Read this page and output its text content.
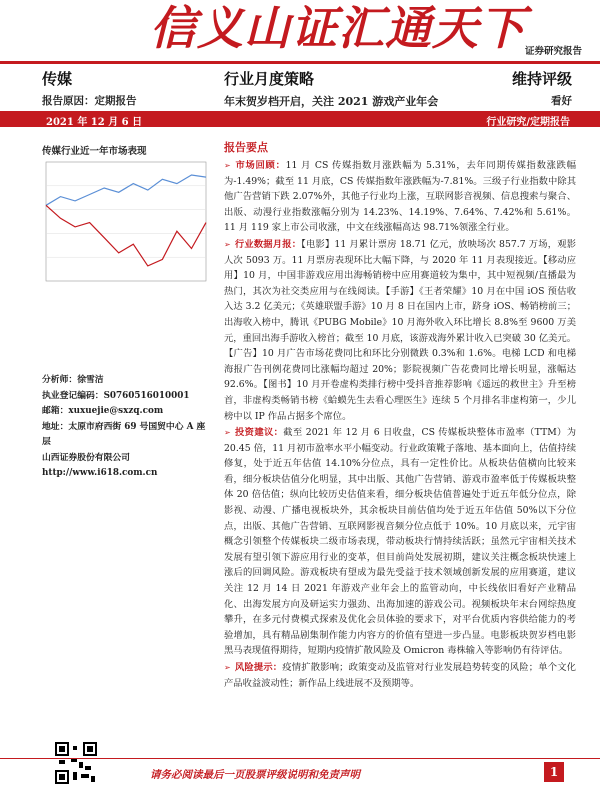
信义山证汇通天下
证券研究报告
传媒	行业月度策略	维持评级
报告原因：定期报告	年末贺岁档开启，关注 2021 游戏产业年会	看好
2021 年 12 月 6 日	行业研究/定期报告
传媒行业近一年市场表现
分析师：徐雪洁
执业登记编码：S0760516010001
邮箱：xuxuejie@sxzq.com
地址：太原市府西街 69 号国贸中心 A 座层
山西证券股份有限公司
http://www.i618.com.cn
报告要点

➢ 市场回顾：11 月 CS 传媒指数月涨跌幅为 5.31%，去年同期传媒指数涨跌幅为-1.49%；截至 11 月底，CS 传媒指数年涨跌幅为-7.81%。三级子行业指数中除其他广告营销下跌 2.07%外，其他子行业均上涨，互联网影音视频、信息搜索与聚合、出版、动漫行业指数涨幅分别为 14.23%、14.19%、7.64%、7.42%和 5.61%。11 月 119 家上市公司收涨，中文在线涨幅高达 98.71%领涨全行业。

➢ 行业数据月报：【电影】11 月累计票房 18.71 亿元，放映场次 857.7 万场，观影人次 5093 万。11 月票房表现环比大幅下降，与 2020 年 11 月表现接近。【移动应用】10 月，中国非游戏应用出海畅销榜中应用赛道较为集中，其中短视频/直播最为热门，其次为社交类应用与在线阅读。【手游】《王者荣耀》10 月在中国 iOS 预估收入达 3.2 亿美元；《英雄联盟手游》10 月 8 日在国内上市，跻身 iOS、畅销榜前三；出海收入榜中，腾讯《PUBG Mobile》10 月海外收入环比增长 8.8%至 9600 万美元，重回出海手游收入榜首；截至 10 月底，该游戏海外累计收入已突破 30 亿美元。【广告】10 月广告市场花费同比和环比分别微跌 0.3%和 1.6%。电梯 LCD 和电梯海报广告刊例花费同比涨幅均超过 20%；影院视频广告花费同比增长明显，涨幅达 92.6%。【图书】10 月开卷虚构类排行榜中受抖音推荐影响《遥远的救世主》升至榜首，非虚构类畅销书榜《蛤蟆先生去看心理医生》连续 5 个月排名非虚构第一，少儿榜中以 IP 作品占据多个席位。

➢ 投资建议：截至 2021 年 12 月 6 日收盘，CS 传媒板块整体市盈率（TTM）为 20.45 倍，11 月初市盈率水平小幅变动。行业政策靴子落地、基本面向上，估值持续修复，处于近五年估值 14.10%分位点，具有一定性价比。从板块估值横向比较来看，细分板块估值分化明显，其中出版、其他广告营销、游戏市盈率低于传媒板块整体 20 倍估值；纵向比较历史估值来看，细分板块估值普遍处于近五年低分位点，除影视、动漫、广播电视板块外，其余板块目前估值均处于近五年估值 50%以下分位点，出版、其他广告营销、互联网影视音频分位点低于 10%。10 月底以来，元宇宙概念引领整个传媒板块二级市场表现，带动板块行情持续活跃；虽然元宇宙相关技术发展有望引领下游应用行业的变革，但目前尚处发展初期，建议关注概念板块快速上涨后的回调风险。游戏板块有望成为最先受益于技术领域创新发展的应用赛道，建议关注 12 月 14 日 2021 年游戏产业年会上的监管动向，中长线依旧看好产业精品化、出海发展方向及研运实力强劲、出海加速的游戏公司。视频板块年末台网综热度攀升，在多元付费模式探索及优化会员体验的要求下，对平台优质内容供给能力的考验增加，具有精品剧集制作能力内容方的价值有望进一步凸显。电影板块贺岁档电影黑马表现值得期待，短期内疫情扩散风险及 Omicron 毒株输入等影响仍有待评估。

➢ 风险提示：疫情扩散影响；政策变动及监管对行业发展趋势转变的风险；单个文化产品收益波动性；新作品上线进展不及预期等。

请务必阅读最后一页股票评级说明和免责声明	1
